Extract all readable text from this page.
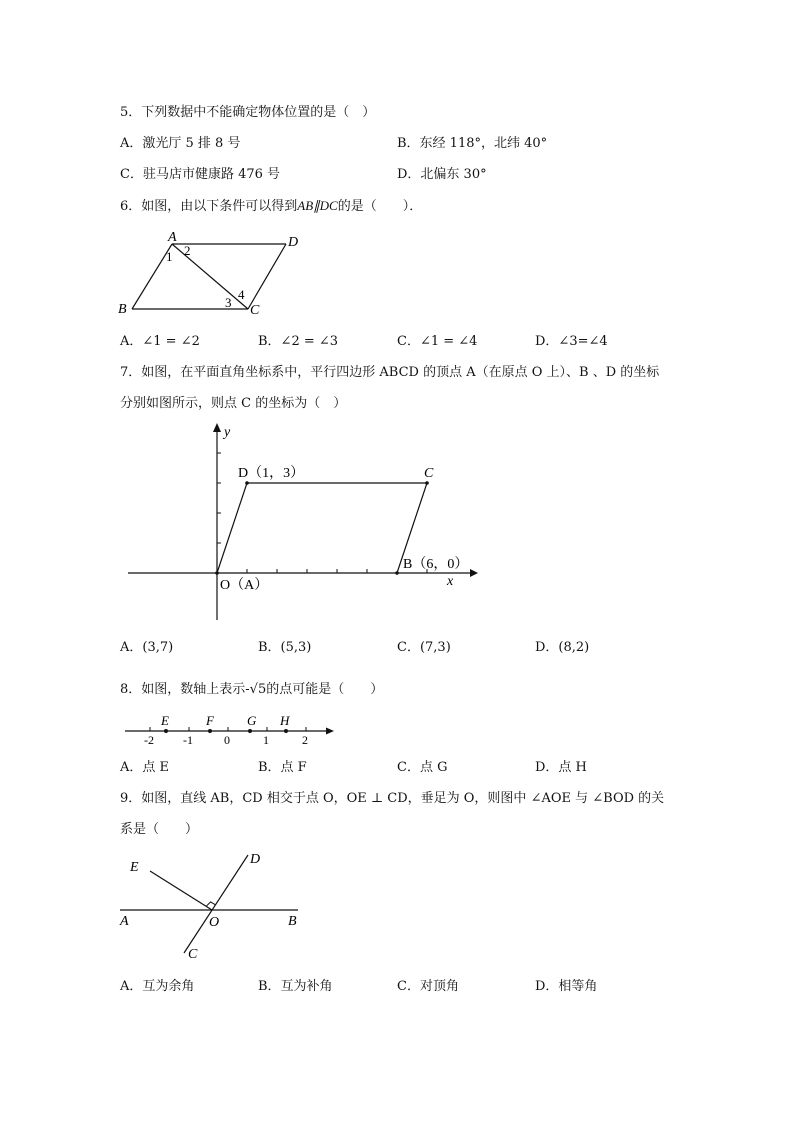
5．下列数据中不能确定物体位置的是（　）
A．激光厅 5 排 8 号	B．东经 118°，北纬 40°
C．驻马店市健康路 476 号	D．北偏东 30°
6．如图，由以下条件可以得到AB∥DC的是（　　）．
A	D
B	C
1 2
3
4
A．∠1 = ∠2	B．∠2 = ∠3	C．∠1 = ∠4	D．∠3=∠4
7．如图，在平面直角坐标系中，平行四边形 ABCD 的顶点 A（在原点 O 上）、B 、D 的坐标
分别如图所示，则点 C 的坐标为（　）
y
x
D（1，3）	C
B（6，0）
O（A）
A．(3,7)	B．(5,3)	C．(7,3)	D．(8,2)
8．如图，数轴上表示-√5的点可能是（　　）
E	F	G H
-2 -1	0	1	2
A．点 E	B．点 F	C．点 G	D．点 H
9．如图，直线 AB，CD 相交于点 O，OE ⊥ CD，垂足为 O，则图中 ∠AOE 与 ∠BOD 的关
系是（　　）
E
D
A	O	B
C
A．互为余角	B．互为补角	C．对顶角	D．相等角
